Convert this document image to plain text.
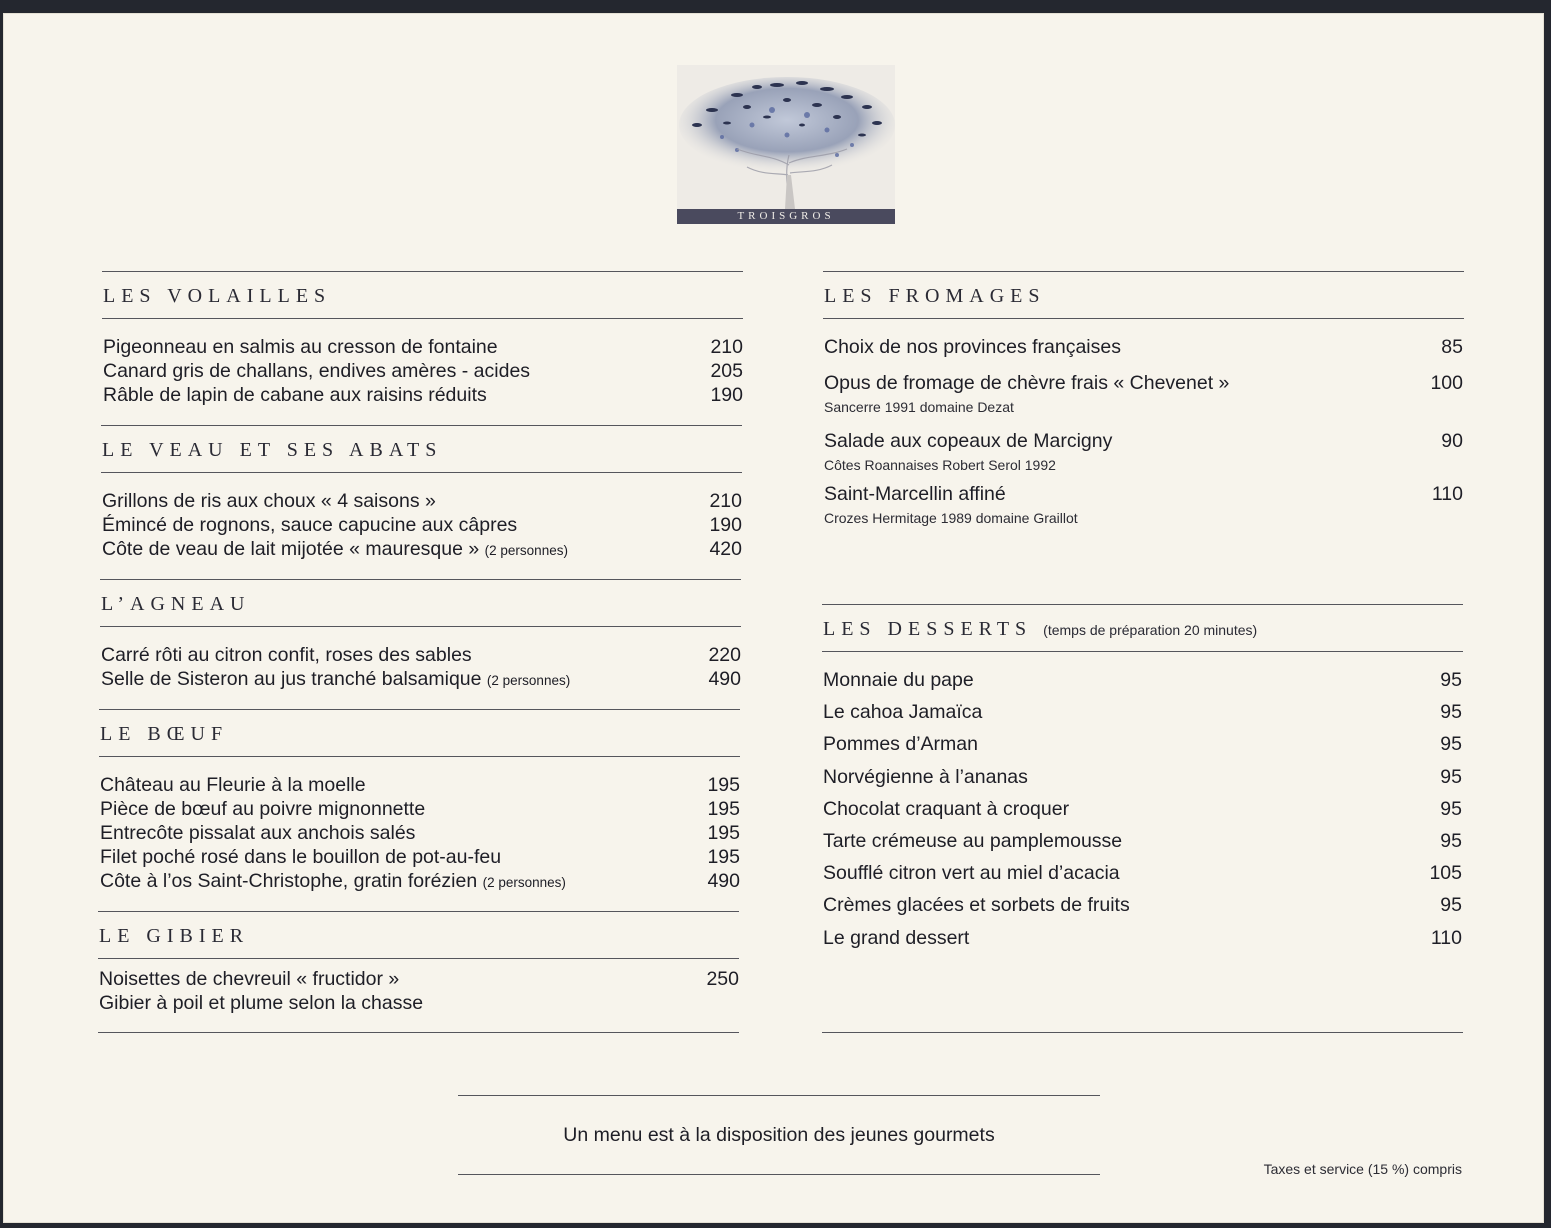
TROISGROS
LES VOLAILLES
Pigeonneau en salmis au cresson de fontaine	210
Canard gris de challans, endives amères - acides	205
Râble de lapin de cabane aux raisins réduits	190
LE VEAU ET SES ABATS
Grillons de ris aux choux « 4 saisons »	210
Émincé de rognons, sauce capucine aux câpres	190
Côte de veau de lait mijotée « mauresque » (2 personnes)	420
L’AGNEAU
Carré rôti au citron confit, roses des sables	220
Selle de Sisteron au jus tranché balsamique (2 personnes)	490
LE BŒUF
Château au Fleurie à la moelle	195
Pièce de bœuf au poivre mignonnette	195
Entrecôte pissalat aux anchois salés	195
Filet poché rosé dans le bouillon de pot-au-feu	195
Côte à l’os Saint-Christophe, gratin forézien (2 personnes)	490
LE GIBIER
Noisettes de chevreuil « fructidor »	250
Gibier à poil et plume selon la chasse
LES FROMAGES
Choix de nos provinces françaises	85
Opus de fromage de chèvre frais « Chevenet »	100
Sancerre 1991 domaine Dezat
Salade aux copeaux de Marcigny	90
Côtes Roannaises Robert Serol 1992
Saint-Marcellin affiné	110
Crozes Hermitage 1989 domaine Graillot
LES DESSERTS (temps de préparation 20 minutes)
Monnaie du pape	95
Le cahoa Jamaïca	95
Pommes d’Arman	95
Norvégienne à l’ananas	95
Chocolat craquant à croquer	95
Tarte crémeuse au pamplemousse	95
Soufflé citron vert au miel d’acacia	105
Crèmes glacées et sorbets de fruits	95
Le grand dessert	110
Un menu est à la disposition des jeunes gourmets
Taxes et service (15 %) compris
